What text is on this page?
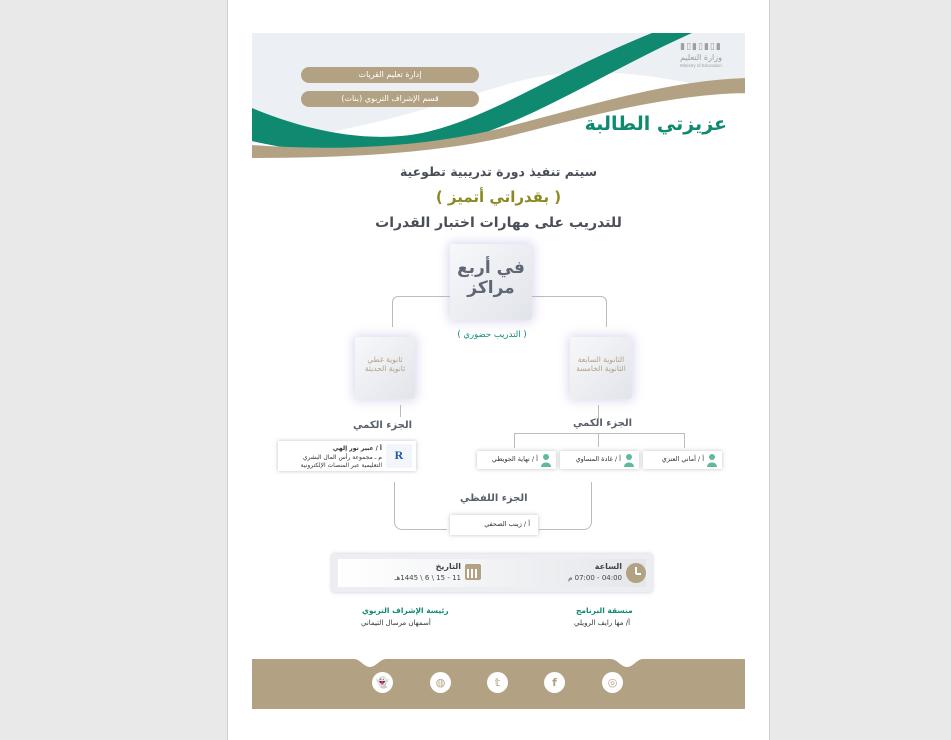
إدارة تعليم القريات
قسم الإشراف التربوي (بنات)
▮▯▮▯▮▯▮
وزارة التعليم
Ministry of Education
عزيزتي الطالبة
سيتم تنفيذ دورة تدريبية تطوعية
( بقدراتي أتميز )
للتدريب على مهارات اختبار القدرات
في أربع
مراكز
( التدريب حضوري )
ثانوية غطي
ثانوية الحديثة
الثانوية السابعة
الثانوية الخامسة
الجزء الكمي	الجزء الكمي
الجزء اللفظي
R
أ / عبير نور إلهي
م ـ مجموعة رأس المال البشري
التعليمية عبر المنصات الإلكترونية
أ / نهاية الجويطي	أ / غادة المساوي	أ / أماني العنزي
أ / زينب الصحفي
الساعة
04:00 - 07:00 م
التاريخ
11 - 15 \ 6 \ 1445هـ
رئيسة الإشراف التربوي
أسمهان مرسال التيماني
منسقة البرنامج
أ/ مها رايف الرويلي
👻	◍	𝕥	f	◎
